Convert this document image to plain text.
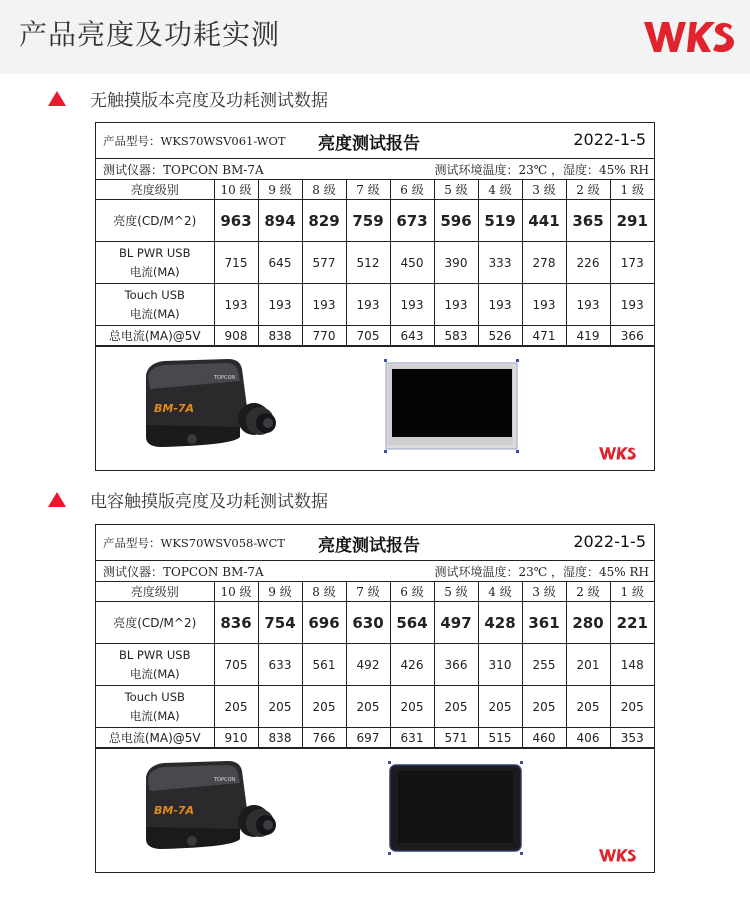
产品亮度及功耗实测
无触摸版本亮度及功耗测试数据
产品型号：WKS70WSV061-WOT 亮度测试报告	2022-1-5
测试仪器：TOPCON BM-7A	测试环境温度：23℃ ，湿度：45% RH
亮度级别	10 级	9 级	8 级	7 级	6 级	5 级	4 级	3 级	2 级	1 级
亮度(CD/M^2)	963	894	829	759	673	596	519	441	365	291
BL PWR USB
电流(MA)	715	645	577	512	450	390	333	278	226	173
Touch USB
电流(MA)	193	193	193	193	193	193	193	193	193	193
总电流(MA)@5V	908	838	770	705	643	583	526	471	419	366
BM-7A
TOPCON
电容触摸版亮度及功耗测试数据
产品型号：WKS70WSV058-WCT 亮度测试报告	2022-1-5
测试仪器：TOPCON BM-7A	测试环境温度：23℃ ，湿度：45% RH
亮度级别	10 级	9 级	8 级	7 级	6 级	5 级	4 级	3 级	2 级	1 级
亮度(CD/M^2)	836	754	696	630	564	497	428	361	280	221
BL PWR USB
电流(MA)	705	633	561	492	426	366	310	255	201	148
Touch USB
电流(MA)	205	205	205	205	205	205	205	205	205	205
总电流(MA)@5V	910	838	766	697	631	571	515	460	406	353
BM-7A
TOPCON
